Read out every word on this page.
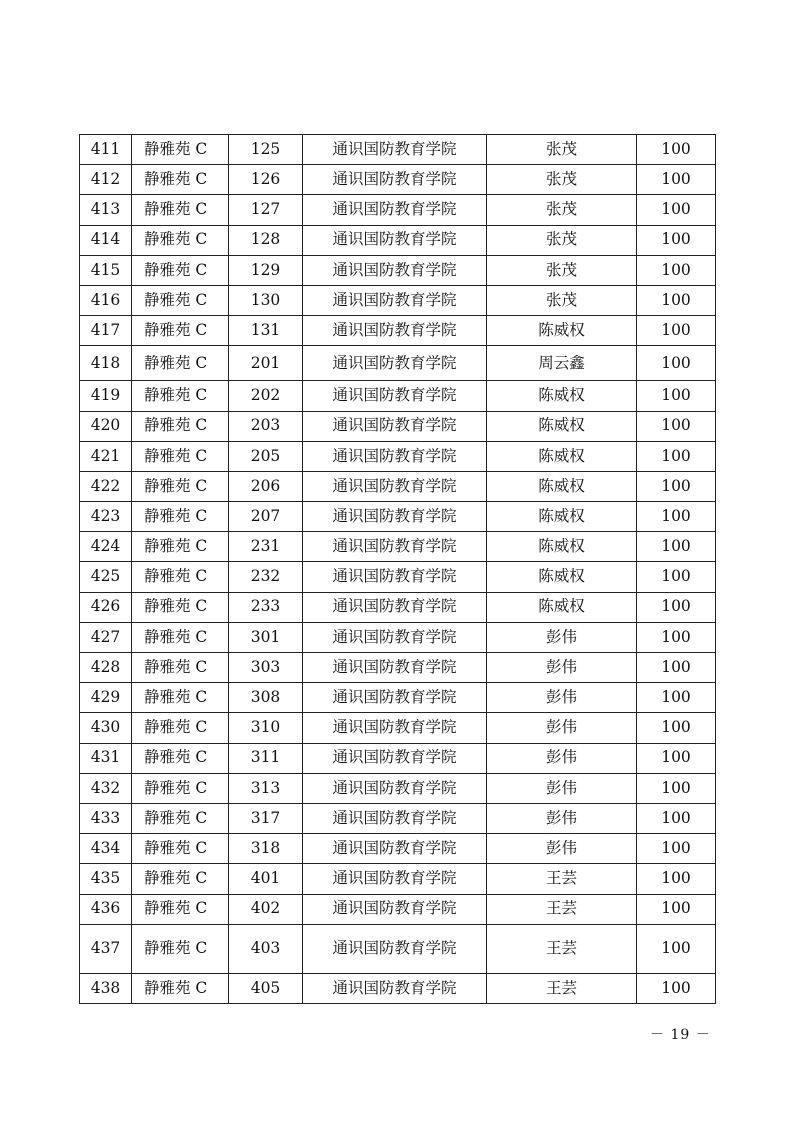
411	静雅苑 C	125	通识国防教育学院	张茂	100
412	静雅苑 C	126	通识国防教育学院	张茂	100
413	静雅苑 C	127	通识国防教育学院	张茂	100
414	静雅苑 C	128	通识国防教育学院	张茂	100
415	静雅苑 C	129	通识国防教育学院	张茂	100
416	静雅苑 C	130	通识国防教育学院	张茂	100
417	静雅苑 C	131	通识国防教育学院	陈威权	100
418	静雅苑 C	201	通识国防教育学院	周云鑫	100
419	静雅苑 C	202	通识国防教育学院	陈威权	100
420	静雅苑 C	203	通识国防教育学院	陈威权	100
421	静雅苑 C	205	通识国防教育学院	陈威权	100
422	静雅苑 C	206	通识国防教育学院	陈威权	100
423	静雅苑 C	207	通识国防教育学院	陈威权	100
424	静雅苑 C	231	通识国防教育学院	陈威权	100
425	静雅苑 C	232	通识国防教育学院	陈威权	100
426	静雅苑 C	233	通识国防教育学院	陈威权	100
427	静雅苑 C	301	通识国防教育学院	彭伟	100
428	静雅苑 C	303	通识国防教育学院	彭伟	100
429	静雅苑 C	308	通识国防教育学院	彭伟	100
430	静雅苑 C	310	通识国防教育学院	彭伟	100
431	静雅苑 C	311	通识国防教育学院	彭伟	100
432	静雅苑 C	313	通识国防教育学院	彭伟	100
433	静雅苑 C	317	通识国防教育学院	彭伟	100
434	静雅苑 C	318	通识国防教育学院	彭伟	100
435	静雅苑 C	401	通识国防教育学院	王芸	100
436	静雅苑 C	402	通识国防教育学院	王芸	100
437	静雅苑 C	403	通识国防教育学院	王芸	100
438	静雅苑 C	405	通识国防教育学院	王芸	100
－ 19 －
